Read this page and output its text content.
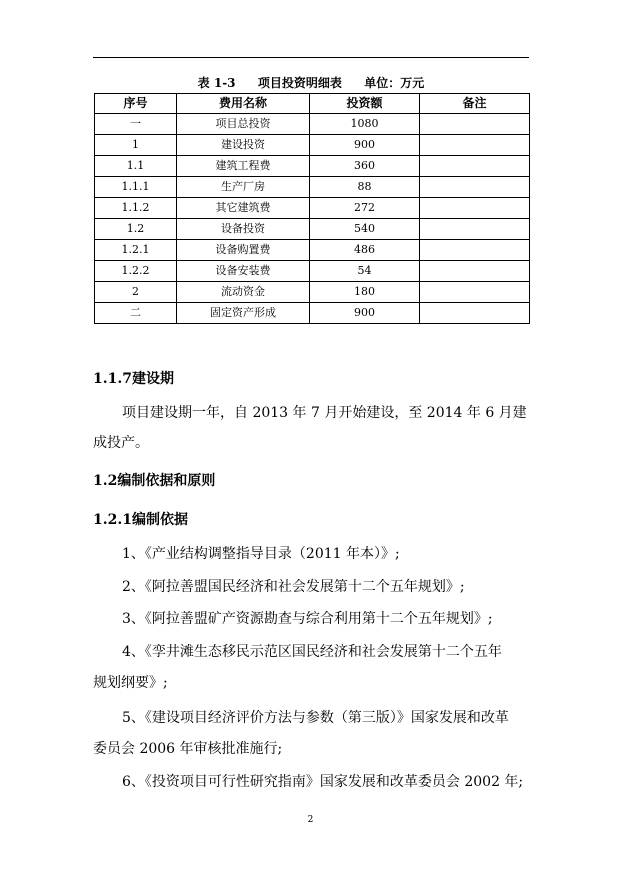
表 1-3 项目投资明细表 单位：万元
序号	费用名称	投资额	备注
一	项目总投资	1080	
1	建设投资	900	
1.1	建筑工程费	360	
1.1.1	生产厂房	88	
1.1.2	其它建筑费	272	
1.2	设备投资	540	
1.2.1	设备购置费	486	
1.2.2	设备安装费	54	
2	流动资金	180	
二	固定资产形成	900	
1.1.7建设期
项目建设期一年，自 2013 年 7 月开始建设，至 2014 年 6 月建
成投产。
1.2编制依据和原则
1.2.1编制依据
1、《产业结构调整指导目录（2011 年本）》;
2、《阿拉善盟国民经济和社会发展第十二个五年规划》;
3、《阿拉善盟矿产资源勘查与综合利用第十二个五年规划》;
4、《孪井滩生态移民示范区国民经济和社会发展第十二个五年
规划纲要》;
5、《建设项目经济评价方法与参数（第三版）》国家发展和改革
委员会 2006 年审核批准施行;
6、《投资项目可行性研究指南》国家发展和改革委员会 2002 年;
2
